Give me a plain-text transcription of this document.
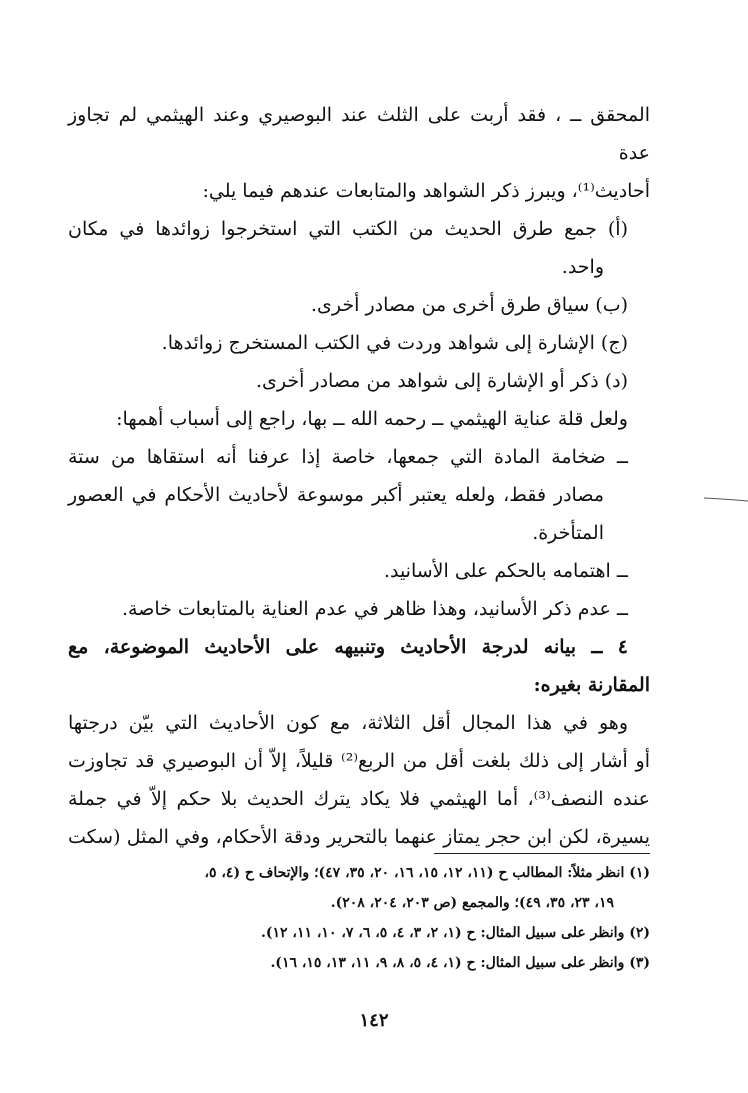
المحقق ــ ، فقد أربت على الثلث عند البوصيري وعند الهيثمي لم تجاوز عدة
أحاديث⁽¹⁾، ويبرز ذكر الشواهد والمتابعات عندهم فيما يلي:
(أ) جمع طرق الحديث من الكتب التي استخرجوا زوائدها في مكان
واحد.
(ب) سياق طرق أخرى من مصادر أخرى.
(ج) الإشارة إلى شواهد وردت في الكتب المستخرج زوائدها.
(د) ذكر أو الإشارة إلى شواهد من مصادر أخرى.
ولعل قلة عناية الهيثمي ــ رحمه الله ــ بها، راجع إلى أسباب أهمها:
ــ ضخامة المادة التي جمعها، خاصة إذا عرفنا أنه استقاها من ستة
مصادر فقط، ولعله يعتبر أكبر موسوعة لأحاديث الأحكام في العصور
المتأخرة.
ــ اهتمامه بالحكم على الأسانيد.
ــ عدم ذكر الأسانيد، وهذا ظاهر في عدم العناية بالمتابعات خاصة.
٤ ــ بيانه لدرجة الأحاديث وتنبيهه على الأحاديث الموضوعة، مع
المقارنة بغيره:
وهو في هذا المجال أقل الثلاثة، مع كون الأحاديث التي بيّن درجتها
أو أشار إلى ذلك بلغت أقل من الربع⁽²⁾ قليلاً، إلاّ أن البوصيري قد تجاوزت
عنده النصف⁽³⁾، أما الهيثمي فلا يكاد يترك الحديث بلا حكم إلاّ في جملة
يسيرة، لكن ابن حجر يمتاز عنهما بالتحرير ودقة الأحكام، وفي المثل (سكت
(١) انظر مثلاً: المطالب ح (١١، ١٢، ١٥، ١٦، ٢٠، ٣٥، ٤٧)؛ والإتحاف ح (٤، ٥،
١٩، ٢٣، ٣٥، ٤٩)؛ والمجمع (ص ٢٠٣، ٢٠٤، ٢٠٨).
(٢) وانظر على سبيل المثال: ح (١، ٢، ٣، ٤، ٥، ٦، ٧، ١٠، ١١، ١٢).
(٣) وانظر على سبيل المثال: ح (١، ٤، ٥، ٨، ٩، ١١، ١٣، ١٥، ١٦).
١٤٢
